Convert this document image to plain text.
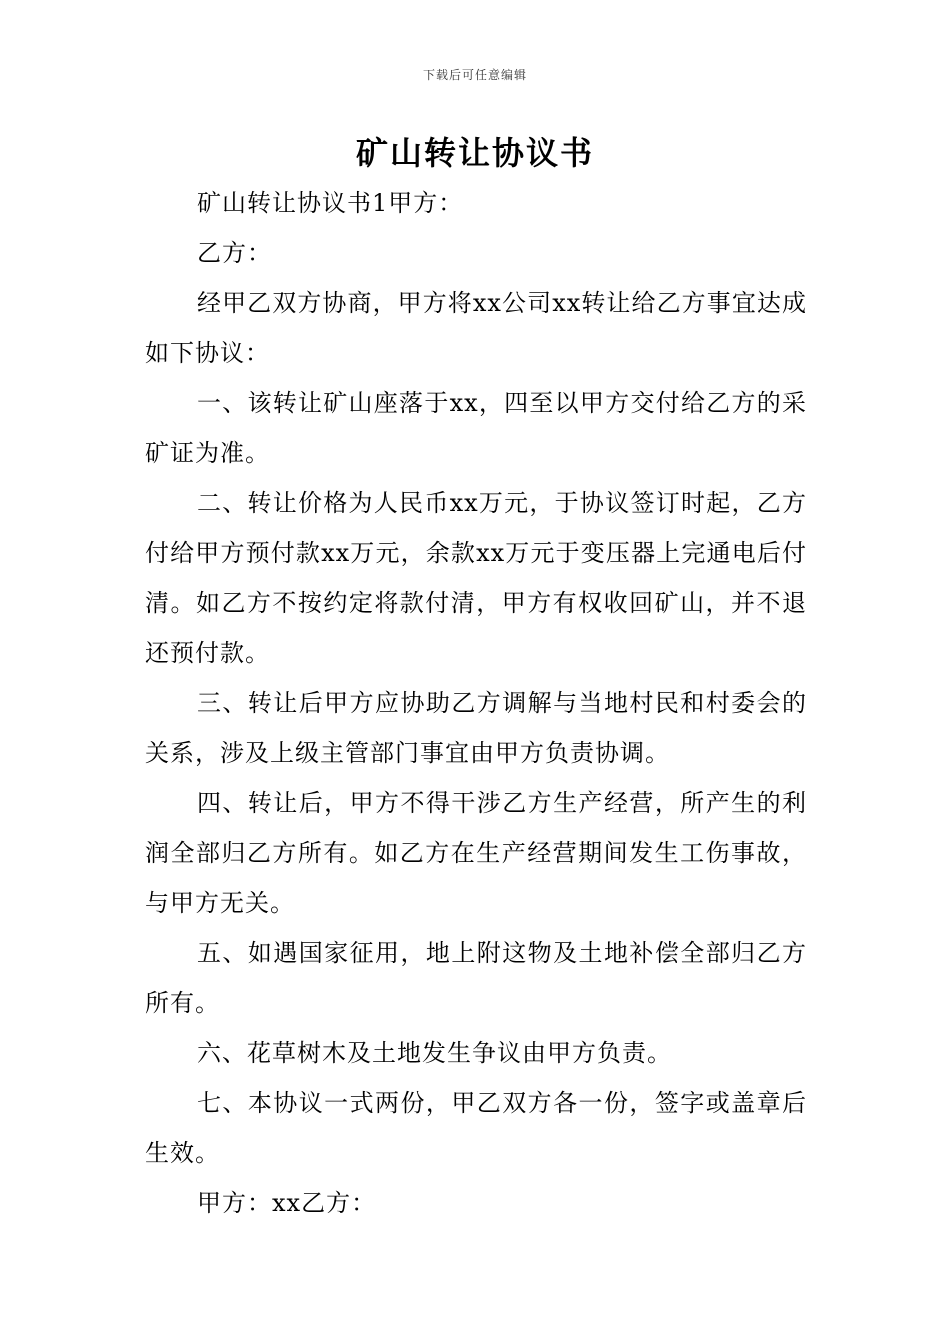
下载后可任意编辑
矿山转让协议书

矿山转让协议书1甲方：

乙方：

经甲乙双方协商，甲方将xx公司xx转让给乙方事宜达成如下协议：

一、该转让矿山座落于xx，四至以甲方交付给乙方的采矿证为准。

二、转让价格为人民币xx万元，于协议签订时起，乙方付给甲方预付款xx万元，余款xx万元于变压器上完通电后付清。如乙方不按约定将款付清，甲方有权收回矿山，并不退还预付款。

三、转让后甲方应协助乙方调解与当地村民和村委会的关系，涉及上级主管部门事宜由甲方负责协调。

四、转让后，甲方不得干涉乙方生产经营，所产生的利润全部归乙方所有。如乙方在生产经营期间发生工伤事故，与甲方无关。

五、如遇国家征用，地上附这物及土地补偿全部归乙方所有。

六、花草树木及土地发生争议由甲方负责。

七、本协议一式两份，甲乙双方各一份，签字或盖章后生效。

甲方：xx乙方：
